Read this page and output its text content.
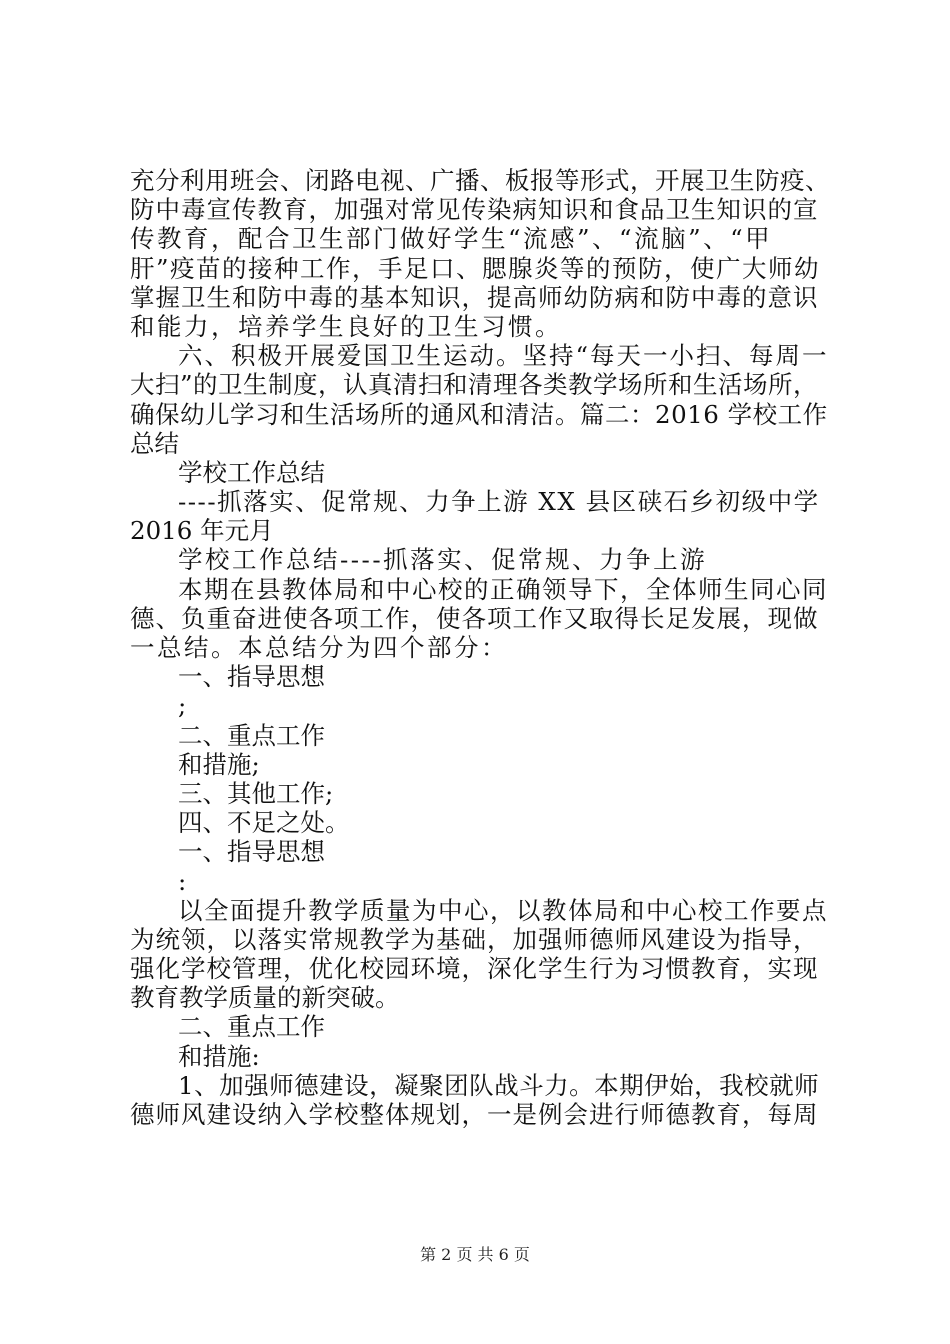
充分利用班会、闭路电视、广播、板报等形式，开展卫生防疫、
防中毒宣传教育，加强对常见传染病知识和食品卫生知识的宣
传教育，配合卫生部门做好学生“流感”、“流脑”、“甲
肝”疫苗的接种工作，手足口、腮腺炎等的预防，使广大师幼
掌握卫生和防中毒的基本知识，提高师幼防病和防中毒的意识
和能力，培养学生良好的卫生习惯。
六、积极开展爱国卫生运动。坚持“每天一小扫、每周一
大扫”的卫生制度，认真清扫和清理各类教学场所和生活场所，
确保幼儿学习和生活场所的通风和清洁。篇二：2016 学校工作
总结
学校工作总结
----抓落实、促常规、力争上游 XX 县区硖石乡初级中学
2016 年元月
学校工作总结----抓落实、促常规、力争上游
本期在县教体局和中心校的正确领导下，全体师生同心同
德、负重奋进使各项工作，使各项工作又取得长足发展，现做
一总结。本总结分为四个部分：
一、指导思想
;
二、重点工作
和措施;
三、其他工作;
四、不足之处。
一、指导思想
:
以全面提升教学质量为中心，以教体局和中心校工作要点
为统领，以落实常规教学为基础，加强师德师风建设为指导，
强化学校管理，优化校园环境，深化学生行为习惯教育，实现
教育教学质量的新突破。
二、重点工作
和措施:
1、加强师德建设，凝聚团队战斗力。本期伊始，我校就师
德师风建设纳入学校整体规划，一是例会进行师德教育，每周
第 2 页 共 6 页
